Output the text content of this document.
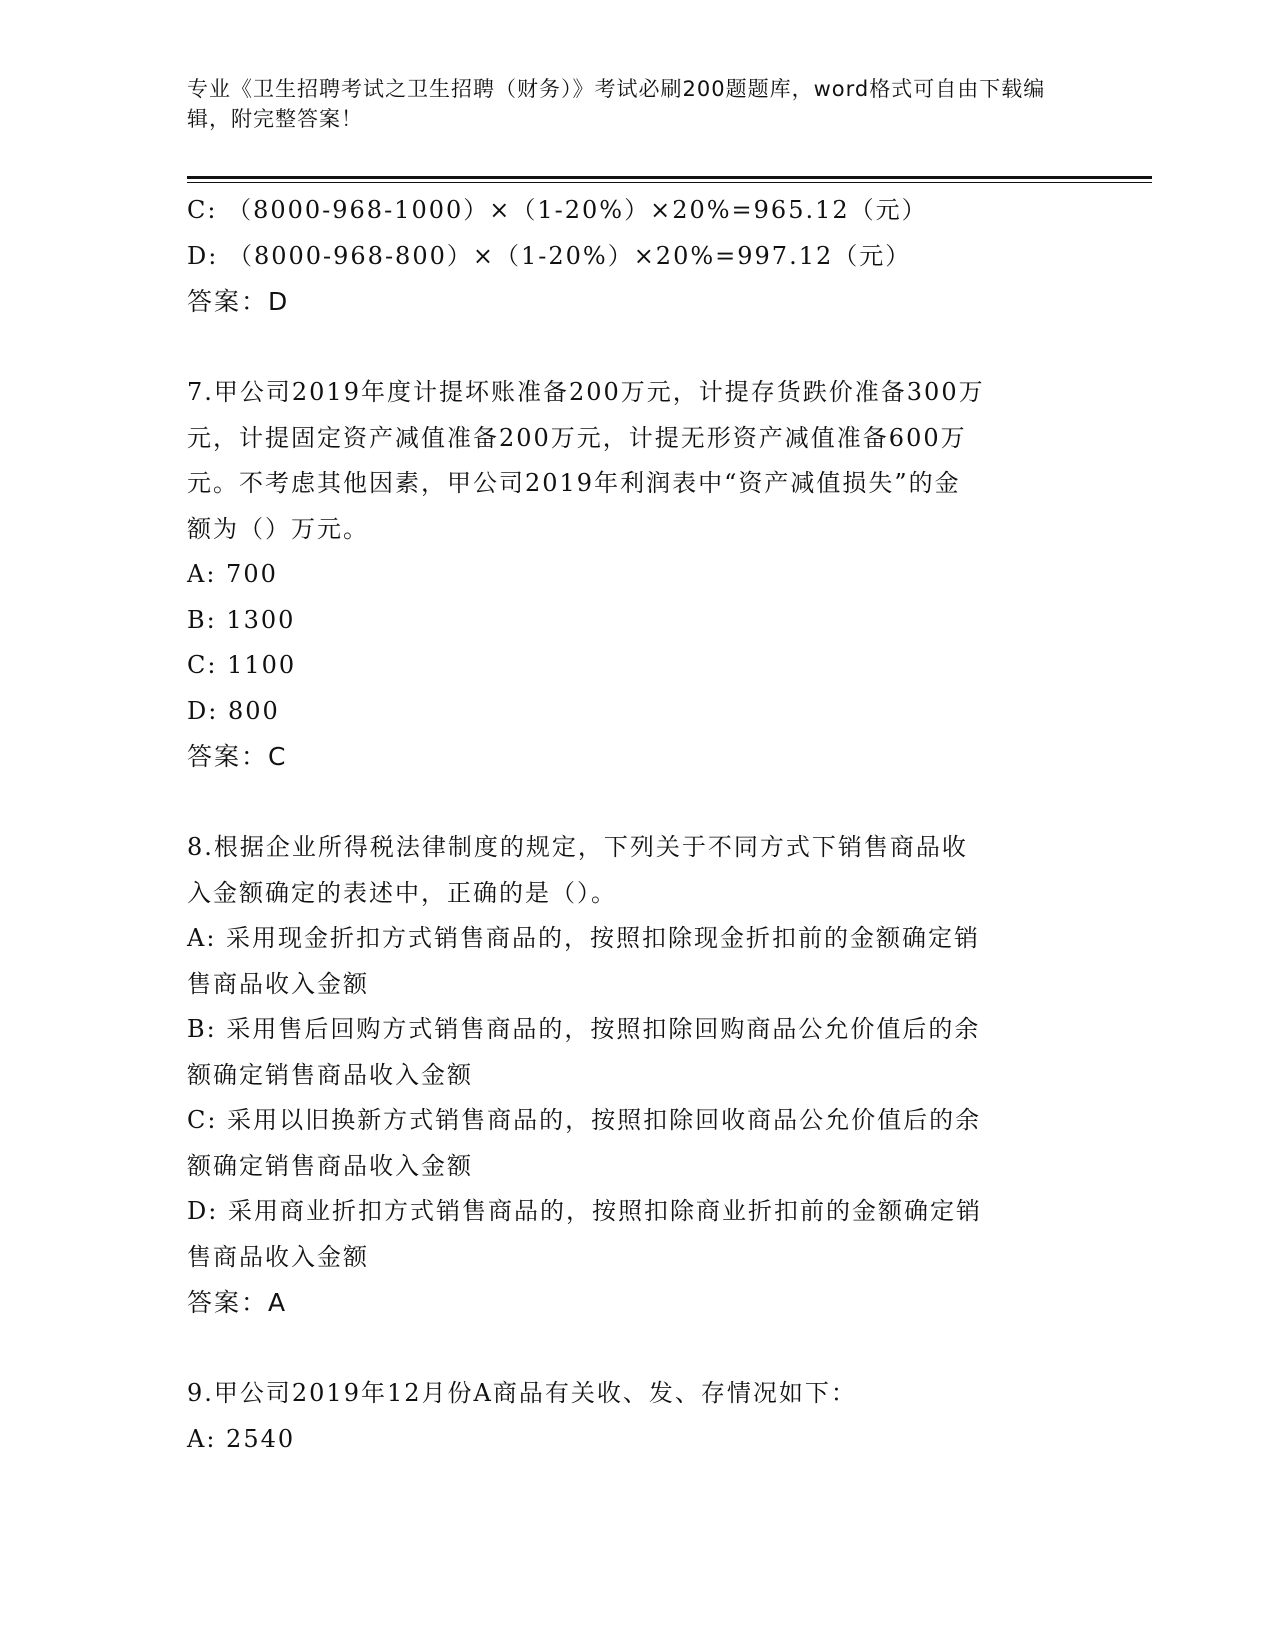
专业《卫生招聘考试之卫生招聘（财务）》考试必刷200题题库，word格式可自由下载编辑，附完整答案！
C: （8000-968-1000）×（1-20%）×20%=965.12（元）
D: （8000-968-800）×（1-20%）×20%=997.12（元）
答案：D
7.甲公司2019年度计提坏账准备200万元，计提存货跌价准备300万
元，计提固定资产减值准备200万元，计提无形资产减值准备600万
元。不考虑其他因素，甲公司2019年利润表中“资产减值损失”的金
额为（）万元。
A: 700
B: 1300
C: 1100
D: 800
答案：C
8.根据企业所得税法律制度的规定，下列关于不同方式下销售商品收
入金额确定的表述中，正确的是（）。
A: 采用现金折扣方式销售商品的，按照扣除现金折扣前的金额确定销
售商品收入金额
B: 采用售后回购方式销售商品的，按照扣除回购商品公允价值后的余
额确定销售商品收入金额
C: 采用以旧换新方式销售商品的，按照扣除回收商品公允价值后的余
额确定销售商品收入金额
D: 采用商业折扣方式销售商品的，按照扣除商业折扣前的金额确定销
售商品收入金额
答案：A
9.甲公司2019年12月份A商品有关收、发、存情况如下：
A: 2540
